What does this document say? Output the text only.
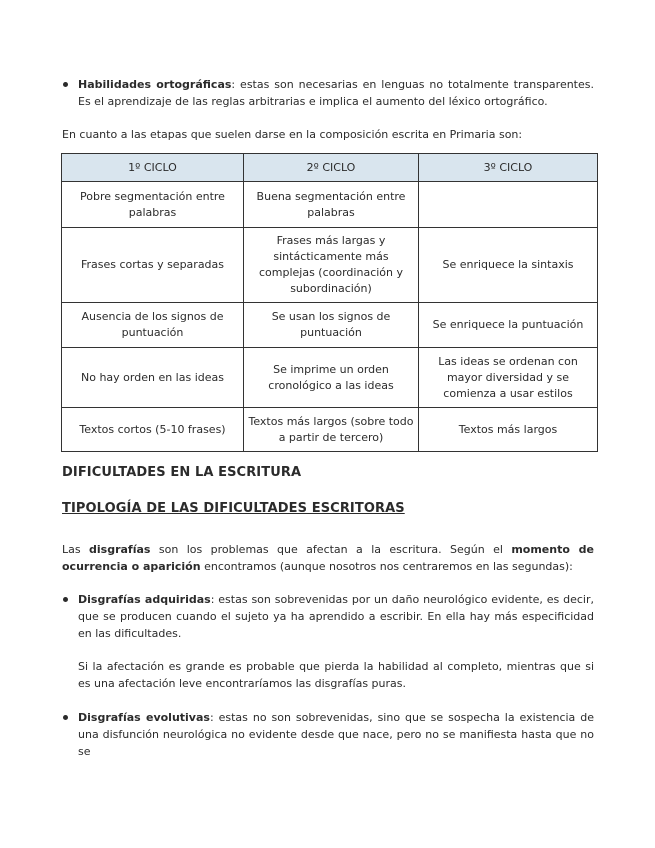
Habilidades ortográficas: estas son necesarias en lenguas no totalmente transparentes. Es el aprendizaje de las reglas arbitrarias e implica el aumento del léxico ortográfico.
En cuanto a las etapas que suelen darse en la composición escrita en Primaria son:
1º CICLO	2º CICLO	3º CICLO
Pobre segmentación entre palabras	Buena segmentación entre palabras	
Frases cortas y separadas	Frases más largas y sintácticamente más complejas (coordinación y subordinación)	Se enriquece la sintaxis
Ausencia de los signos de puntuación	Se usan los signos de puntuación	Se enriquece la puntuación
No hay orden en las ideas	Se imprime un orden cronológico a las ideas	Las ideas se ordenan con mayor diversidad y se comienza a usar estilos
Textos cortos (5-10 frases)	Textos más largos (sobre todo a partir de tercero)	Textos más largos
DIFICULTADES EN LA ESCRITURA
TIPOLOGÍA DE LAS DIFICULTADES ESCRITORAS
Las disgrafías son los problemas que afectan a la escritura. Según el momento de ocurrencia o aparición encontramos (aunque nosotros nos centraremos en las segundas):
Disgrafías adquiridas: estas son sobrevenidas por un daño neurológico evidente, es decir, que se producen cuando el sujeto ya ha aprendido a escribir. En ella hay más especificidad en las dificultades.
Si la afectación es grande es probable que pierda la habilidad al completo, mientras que si es una afectación leve encontraríamos las disgrafías puras.
Disgrafías evolutivas: estas no son sobrevenidas, sino que se sospecha la existencia de una disfunción neurológica no evidente desde que nace, pero no se manifiesta hasta que no se
